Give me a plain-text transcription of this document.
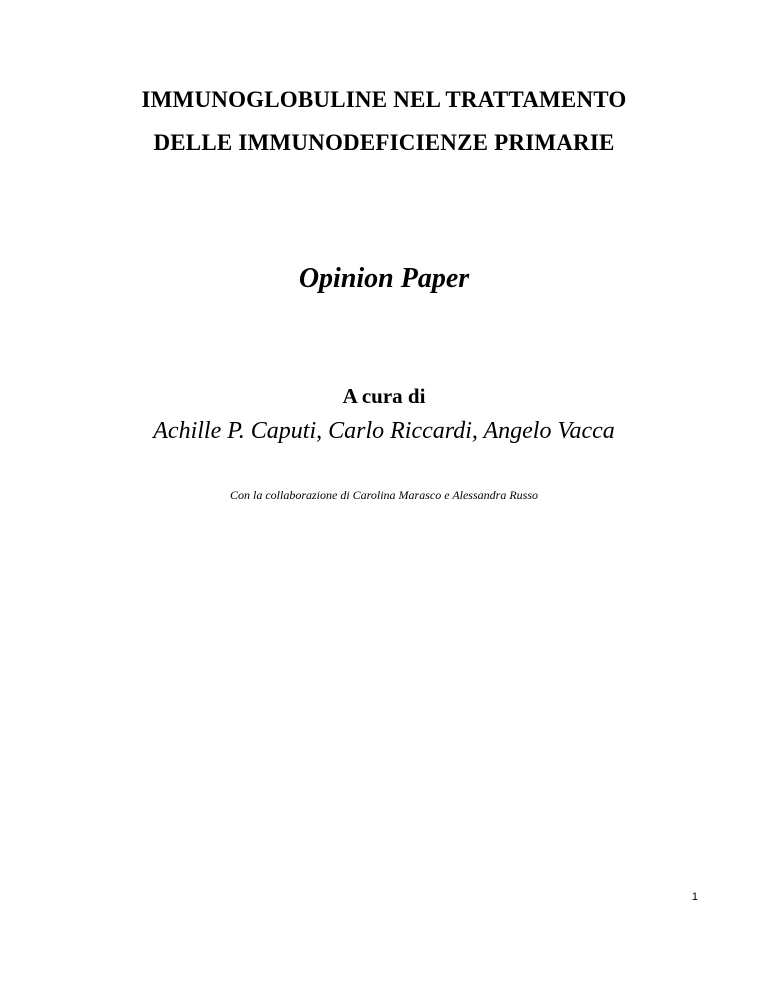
IMMUNOGLOBULINE NEL TRATTAMENTO
DELLE IMMUNODEFICIENZE PRIMARIE
Opinion Paper
A cura di
Achille P. Caputi, Carlo Riccardi, Angelo Vacca
Con la collaborazione di Carolina Marasco e Alessandra Russo
1
